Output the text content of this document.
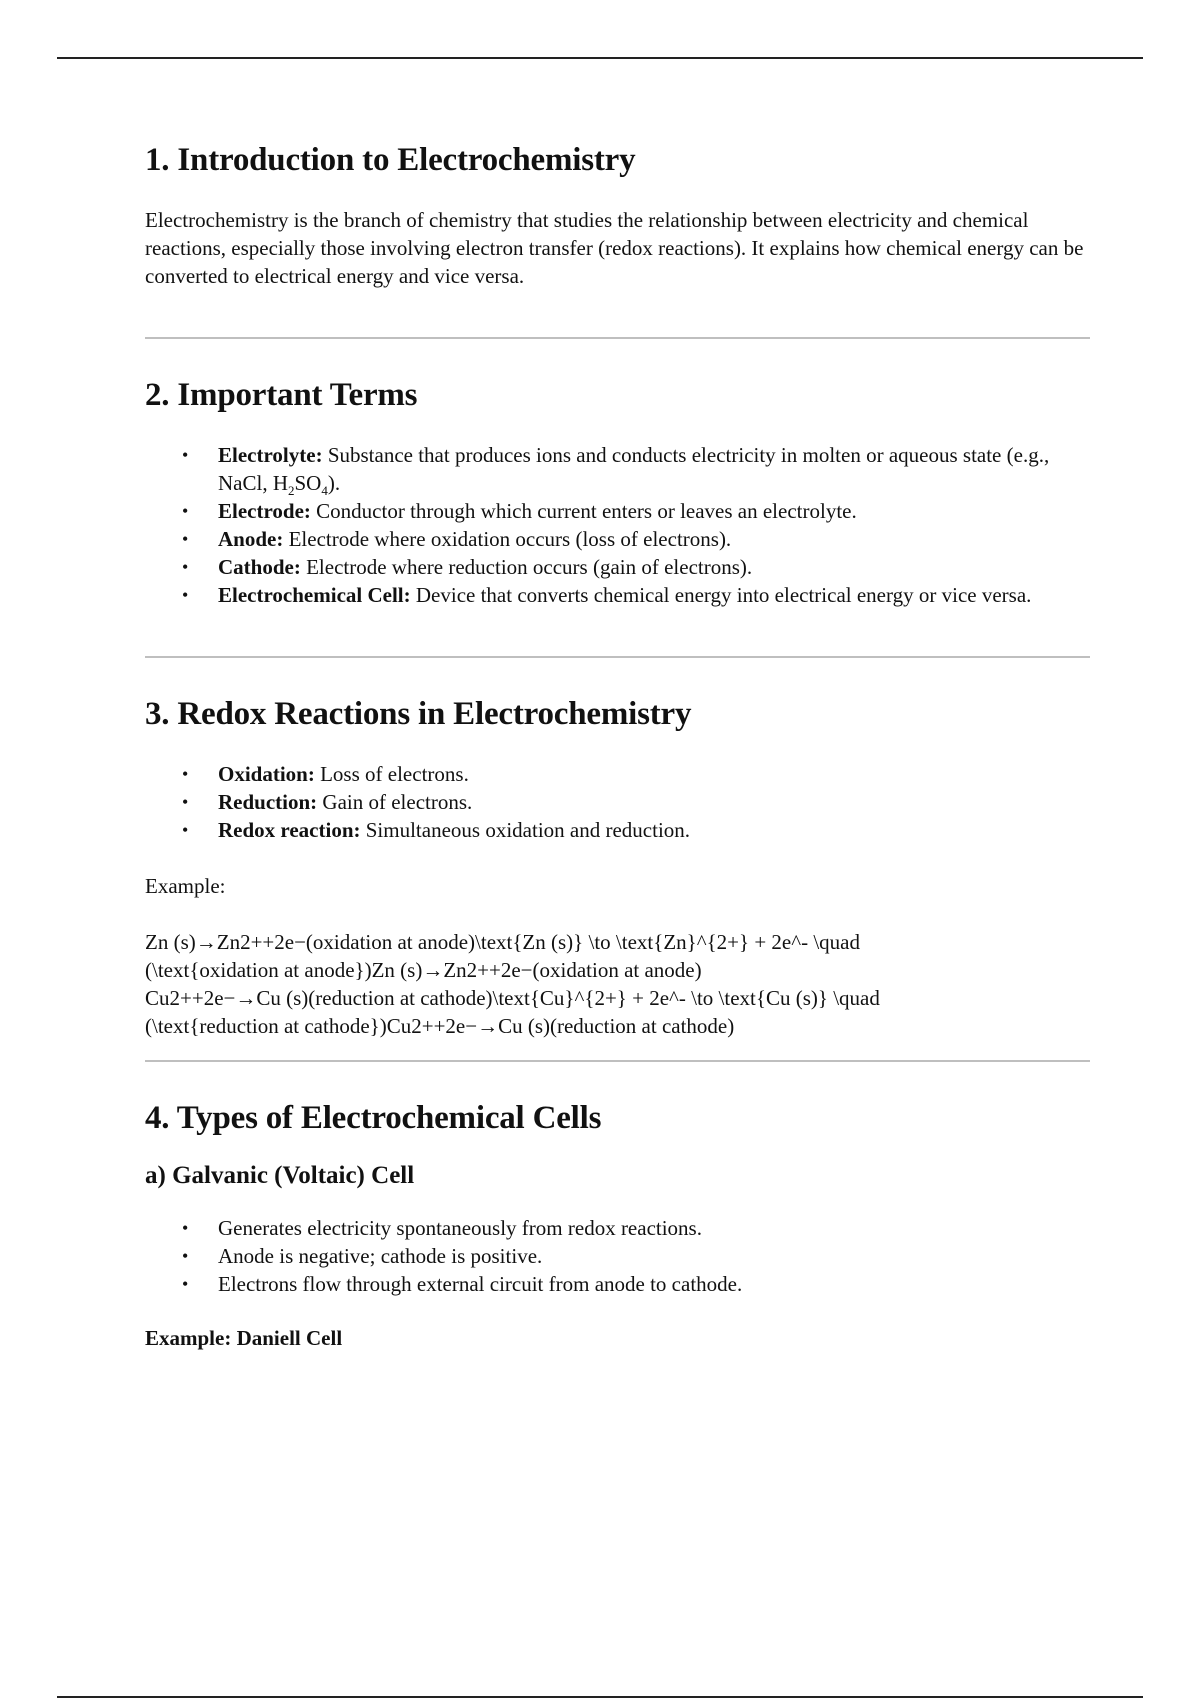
1. Introduction to Electrochemistry

Electrochemistry is the branch of chemistry that studies the relationship between electricity and chemical reactions, especially those involving electron transfer (redox reactions). It explains how chemical energy can be converted to electrical energy and vice versa.

2. Important Terms
• Electrolyte: Substance that produces ions and conducts electricity in molten or aqueous state (e.g., NaCl, $H_2SO_4$).
• Electrode: Conductor through which current enters or leaves an electrolyte.
• Anode: Electrode where oxidation occurs (loss of electrons).
• Cathode: Electrode where reduction occurs (gain of electrons).
• Electrochemical Cell: Device that converts chemical energy into electrical energy or vice versa.
3. Redox Reactions in Electrochemistry
• Oxidation: Loss of electrons.
• Reduction: Gain of electrons.
• Redox reaction: Simultaneous oxidation and reduction.

Example:

Zn (s)→Zn2++2e−(oxidation at anode)\text{Zn (s)} \to \text{Zn}^{2+} + 2e^- \quad

(\text{oxidation at anode})Zn (s)→Zn2++2e−(oxidation at anode)

Cu2++2e−→Cu (s)(reduction at cathode)\text{Cu}^{2+} + 2e^- \to \text{Cu (s)} \quad

(\text{reduction at cathode})Cu2++2e−→Cu (s)(reduction at cathode)

4. Types of Electrochemical Cells
a) Galvanic (Voltaic) Cell
• Generates electricity spontaneously from redox reactions.
• Anode is negative; cathode is positive.
• Electrons flow through external circuit from anode to cathode.

Example: Daniell Cell
